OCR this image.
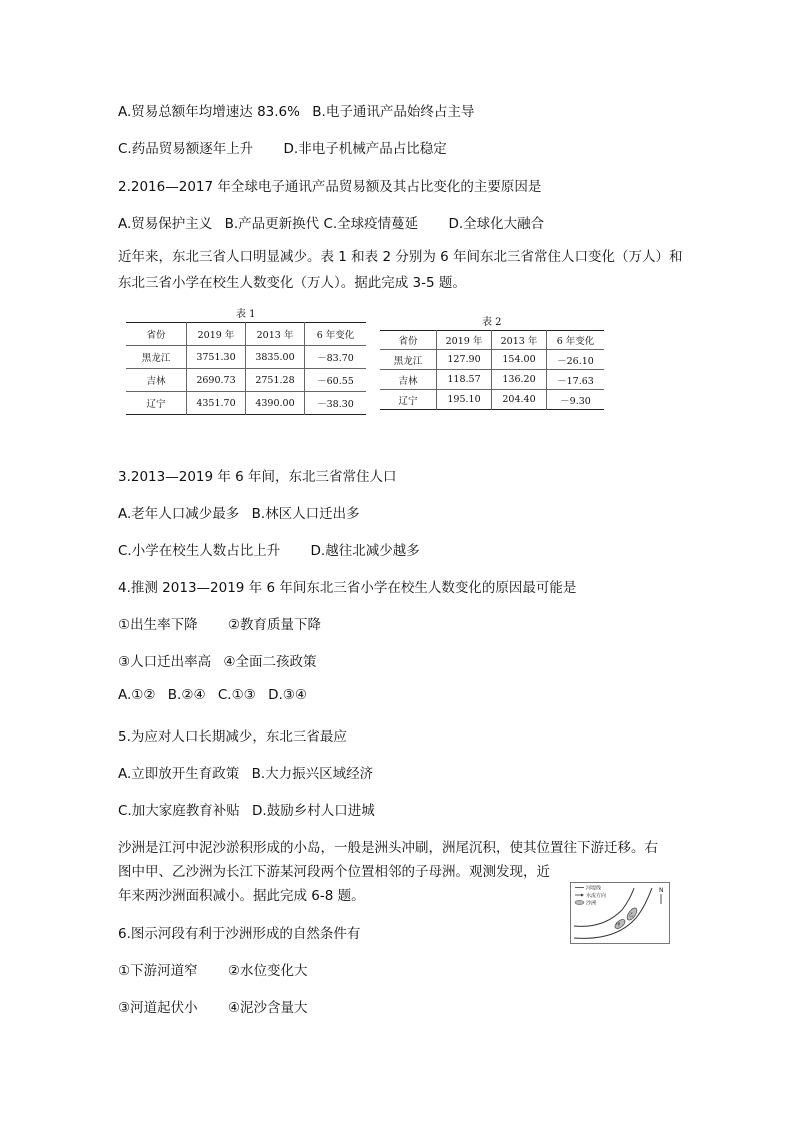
A.贸易总额年均增速达 83.6% B.电子通讯产品始终占主导
C.药品贸易额逐年上升 D.非电子机械产品占比稳定
2.2016—2017 年全球电子通讯产品贸易额及其占比变化的主要原因是
A.贸易保护主义 B.产品更新换代 C.全球疫情蔓延 D.全球化大融合
近年来，东北三省人口明显减少。表 1 和表 2 分别为 6 年间东北三省常住人口变化（万人）和东北三省小学在校生人数变化（万人）。据此完成 3-5 题。
表 1
省份	2019 年	2013 年	6 年变化
黑龙江	3751.30	3835.00	－83.70
吉林	2690.73	2751.28	－60.55
辽宁	4351.70	4390.00	－38.30
表 2
省份	2019 年	2013 年	6 年变化
黑龙江	127.90	154.00	－26.10
吉林	118.57	136.20	－17.63
辽宁	195.10	204.40	－9.30
3.2013—2019 年 6 年间，东北三省常住人口
A.老年人口减少最多 B.林区人口迁出多
C.小学在校生人数占比上升 D.越往北减少越多
4.推测 2013—2019 年 6 年间东北三省小学在校生人数变化的原因最可能是
①出生率下降 ②教育质量下降
③人口迁出率高 ④全面二孩政策
A.①② B.②④ C.①③ D.③④
5.为应对人口长期减少，东北三省最应
A.立即放开生育政策 B.大力振兴区域经济
C.加大家庭教育补贴 D.鼓励乡村人口进城
沙洲是江河中泥沙淤积形成的小岛，一般是洲头冲刷，洲尾沉积，使其位置往下游迁移。右
图中甲、乙沙洲为长江下游某河段两个位置相邻的子母洲。观测发现，近
年来两沙洲面积减小。据此完成 6-8 题。	河堤线
水流方向
沙洲
甲
乙
N
6.图示河段有利于沙洲形成的自然条件有
①下游河道窄 ②水位变化大
③河道起伏小 ④泥沙含量大
